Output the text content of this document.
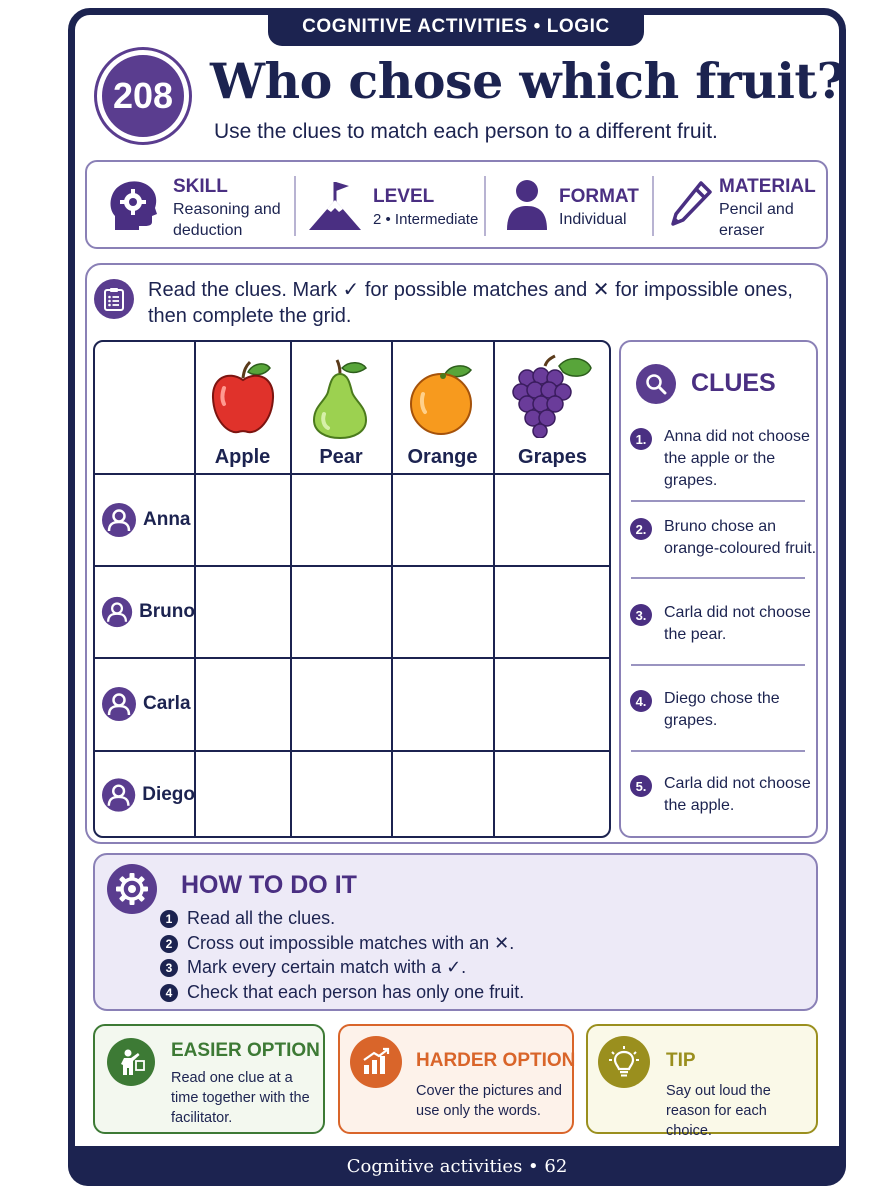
Cognitive activities • 62
COGNITIVE ACTIVITIES • LOGIC
208 Who chose which fruit?
Use the clues to match each person to a different fruit.
SKILL
Reasoning and
deduction
LEVEL
2 • Intermediate
FORMAT
Individual
MATERIAL
Pencil and
eraser
Read the clues. Mark ✓ for possible matches and ✕ for impossible ones,
then complete the grid.
Apple	Pear	Orange	Grapes
Anna
Bruno
Carla
Diego
CLUES
1.	Anna did not choose the apple or the grapes.
2.	Bruno chose an orange-coloured fruit.
3.	Carla did not choose the pear.
4.	Diego chose the grapes.
5.	Carla did not choose the apple.
HOW TO DO IT
1 Read all the clues.
2 Cross out impossible matches with an ✕.
3 Mark every certain match with a ✓.
4 Check that each person has only one fruit.
EASIER OPTION
Read one clue at a time together with the facilitator.
HARDER OPTION
Cover the pictures and use only the words.
TIP
Say out loud the reason for each choice.
